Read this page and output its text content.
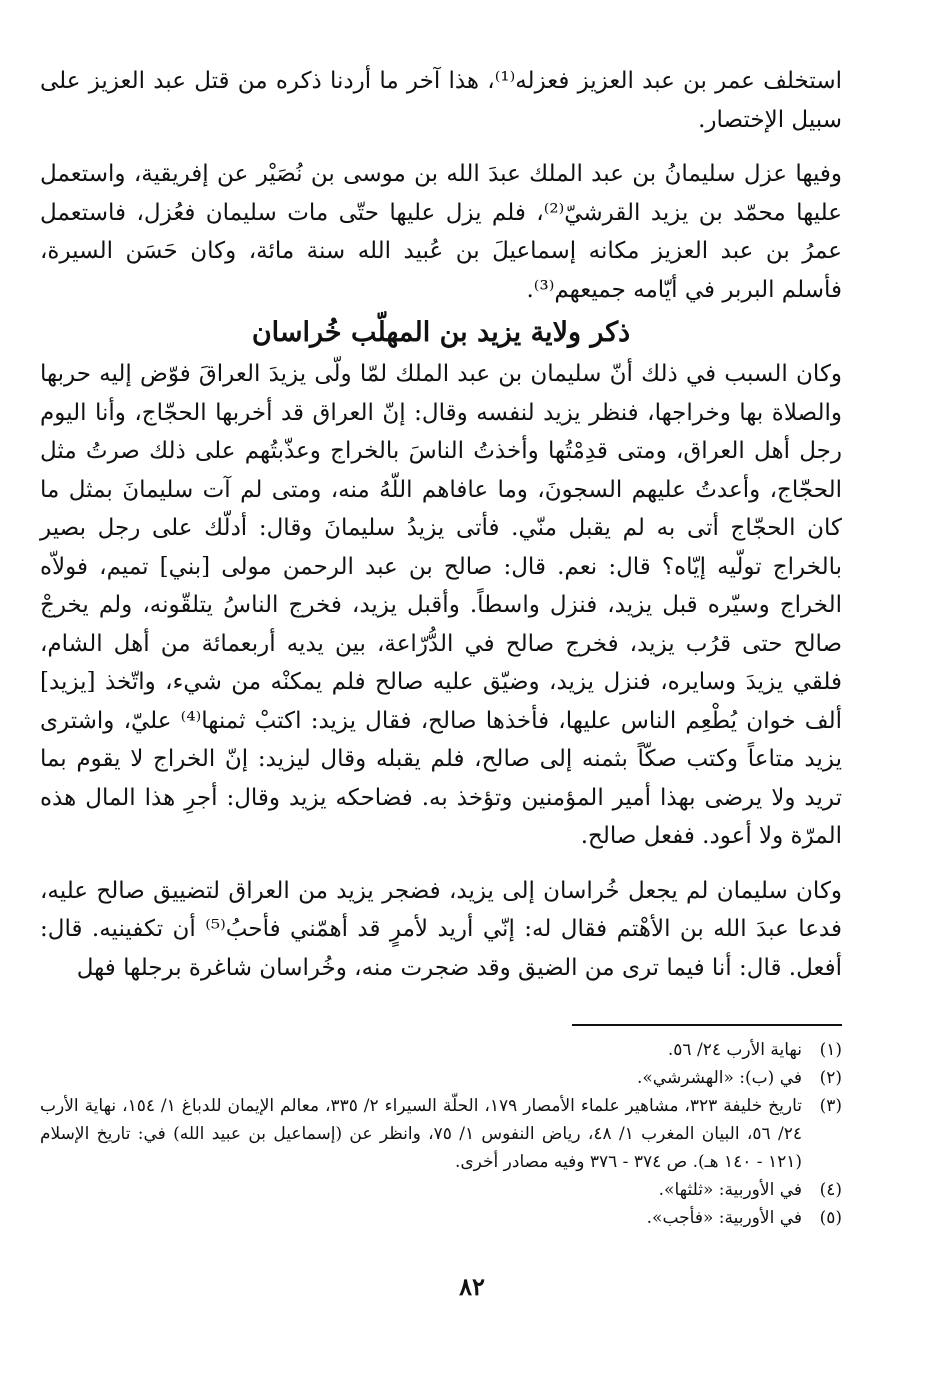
استخلف عمر بن عبد العزيز فعزله⁽¹⁾، هذا آخر ما أردنا ذكره من قتل عبد العزيز على سبيل الإختصار.

وفيها عزل سليمانُ بن عبد الملك عبدَ الله بن موسى بن نُصَيْر عن إفريقية، واستعمل عليها محمّد بن يزيد القرشيّ⁽²⁾، فلم يزل عليها حتّى مات سليمان فعُزل، فاستعمل عمرُ بن عبد العزيز مكانه إسماعيلَ بن عُبيد الله سنة مائة، وكان حَسَن السيرة، فأسلم البربر في أيّامه جميعهم⁽³⁾.

ذكر ولاية يزيد بن المهلّب خُراسان

وكان السبب في ذلك أنّ سليمان بن عبد الملك لمّا ولّى يزيدَ العراقَ فوّض إليه حربها والصلاة بها وخراجها، فنظر يزيد لنفسه وقال: إنّ العراق قد أخربها الحجّاج، وأنا اليوم رجل أهل العراق، ومتى قدِمْتُها وأخذتُ الناسَ بالخراج وعذّبتُهم على ذلك صرتُ مثل الحجّاج، وأعدتُ عليهم السجونَ، وما عافاهم اللّهُ منه، ومتى لم آت سليمانَ بمثل ما كان الحجّاج أتى به لم يقبل منّي. فأتى يزيدُ سليمانَ وقال: أدلّك على رجل بصير بالخراج تولّيه إيّاه؟ قال: نعم. قال: صالح بن عبد الرحمن مولى [بني] تميم، فولاّه الخراج وسيّره قبل يزيد، فنزل واسطاً. وأقبل يزيد، فخرج الناسُ يتلقّونه، ولم يخرجْ صالح حتى قرُب يزيد، فخرج صالح في الدُّرّاعة، بين يديه أربعمائة من أهل الشام، فلقي يزيدَ وسايره، فنزل يزيد، وضيّق عليه صالح فلم يمكنْه من شيء، واتّخذ [يزيد] ألف خوان يُطْعِم الناس عليها، فأخذها صالح، فقال يزيد: اكتبْ ثمنها⁽⁴⁾ عليّ، واشترى يزيد متاعاً وكتب صكّاً بثمنه إلى صالح، فلم يقبله وقال ليزيد: إنّ الخراج لا يقوم بما تريد ولا يرضى بهذا أمير المؤمنين وتؤخذ به. فضاحكه يزيد وقال: أجرِ هذا المال هذه المرّة ولا أعود. ففعل صالح.

وكان سليمان لم يجعل خُراسان إلى يزيد، فضجر يزيد من العراق لتضييق صالح عليه، فدعا عبدَ الله بن الأهْتم فقال له: إنّي أريد لأمرٍ قد أهمّني فأحبُ⁽⁵⁾ أن تكفينيه. قال: أفعل. قال: أنا فيما ترى من الضيق وقد ضجرت منه، وخُراسان شاغرة برجلها فهل

(١)
نهاية الأرب ٢٤/ ٥٦.
(٢)
في (ب): «الهشرشي».
(٣)
تاريخ خليفة ٣٢٣، مشاهير علماء الأمصار ١٧٩، الحلّة السيراء ٢/ ٣٣٥، معالم الإيمان للدباغ ١/ ١٥٤، نهاية الأرب ٢٤/ ٥٦، البيان المغرب ١/ ٤٨، رياض النفوس ١/ ٧٥، وانظر عن (إسماعيل بن عبيد الله) في: تاريخ الإسلام (١٢١ - ١٤٠ هـ). ص ٣٧٤ - ٣٧٦ وفيه مصادر أخرى.
(٤)
في الأوربية: «ثلثها».
(٥)
في الأوربية: «فأجب».
٨٢
